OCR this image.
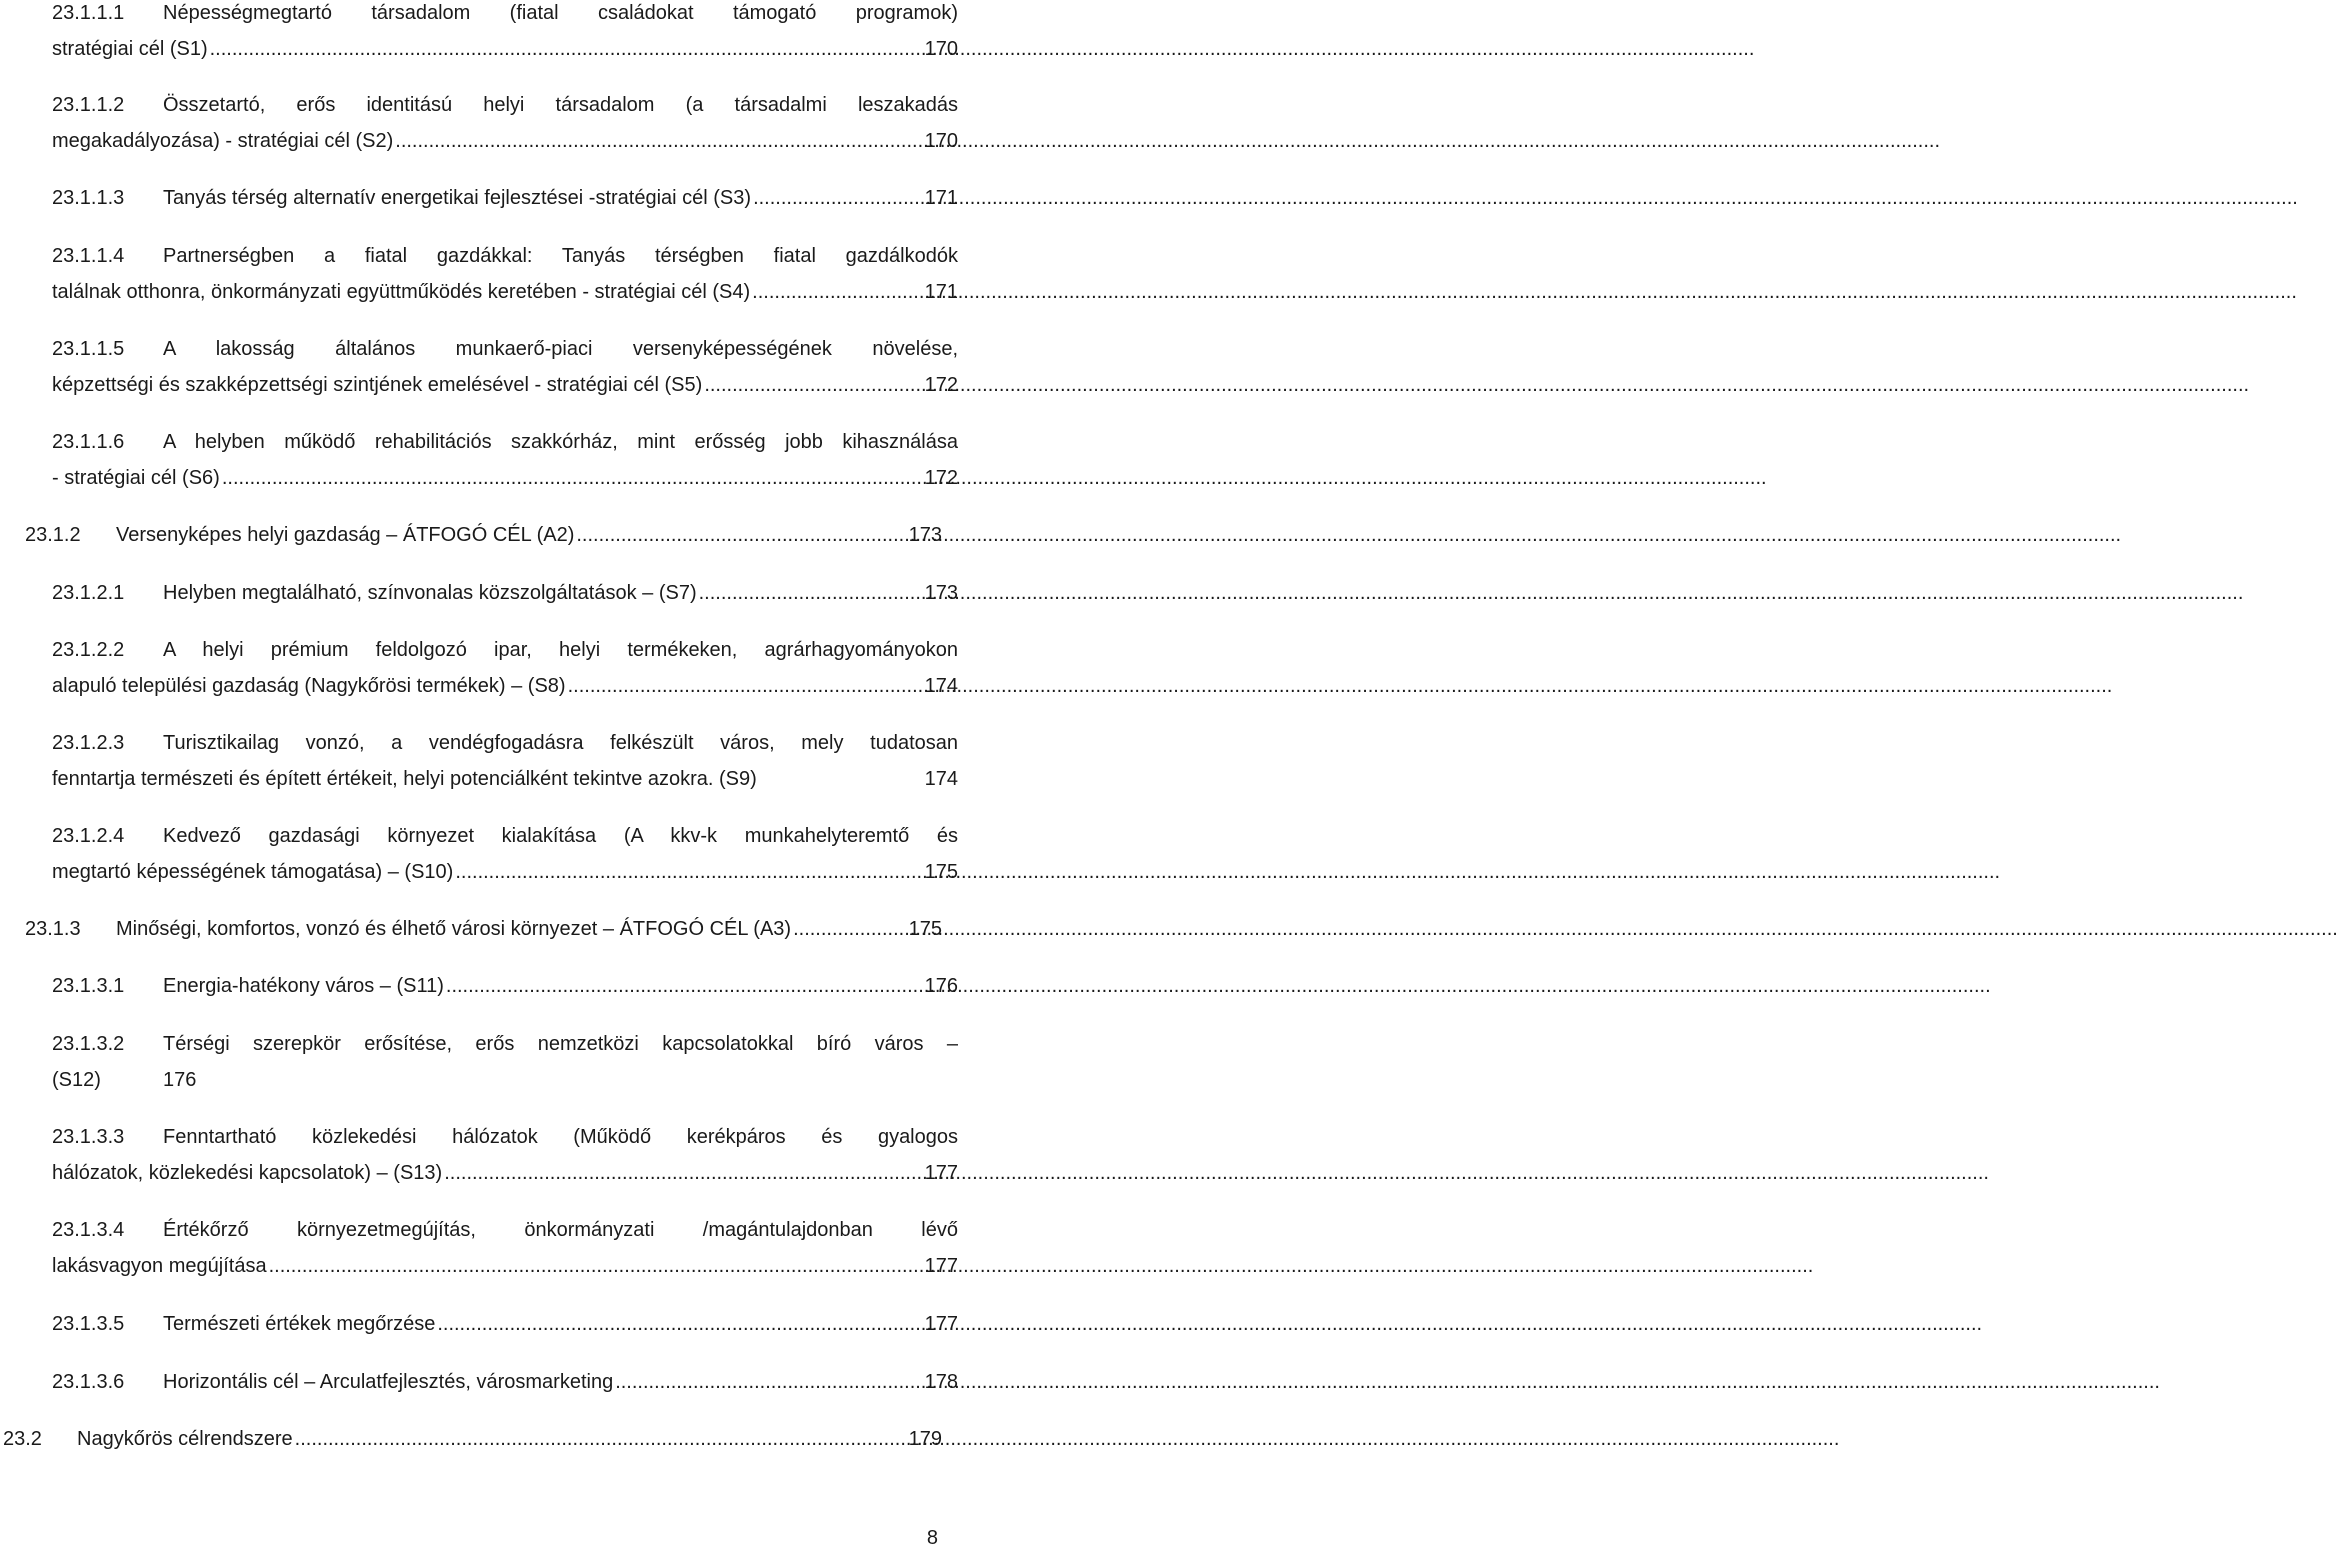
23.1.1.1 Népességmegtartó társadalom (fiatal családokat támogató programok)
stratégiai cél (S1) .....	170
23.1.1.2 Összetartó, erős identitású helyi társadalom (a társadalmi leszakadás
megakadályozása) - stratégiai cél (S2) .....	170
23.1.1.3	Tanyás térség alternatív energetikai fejlesztései -stratégiai cél (S3) .....	171
23.1.1.4 Partnerségben a fiatal gazdákkal: Tanyás térségben fiatal gazdálkodók
találnak otthonra, önkormányzati együttműködés keretében - stratégiai cél (S4) .....	171
23.1.1.5 A lakosság általános munkaerő-piaci versenyképességének növelése,
képzettségi és szakképzettségi szintjének emelésével - stratégiai cél (S5) .....	172
23.1.1.6 A helyben működő rehabilitációs szakkórház, mint erősség jobb kihasználása
- stratégiai cél (S6) .....	172
23.1.2	Versenyképes helyi gazdaság – ÁTFOGÓ CÉL (A2) .....	173
23.1.2.1	Helyben megtalálható, színvonalas közszolgáltatások – (S7) .....	173
23.1.2.2 A helyi prémium feldolgozó ipar, helyi termékeken, agrárhagyományokon
alapuló települési gazdaság (Nagykőrösi termékek) – (S8) .....	174
23.1.2.3 Turisztikailag vonzó, a vendégfogadásra felkészült város, mely tudatosan
fenntartja természeti és épített értékeit, helyi potenciálként tekintve azokra. (S9)	174
23.1.2.4 Kedvező gazdasági környezet kialakítása (A kkv-k munkahelyteremtő és
megtartó képességének támogatása) – (S10) .....	175
23.1.3	Minőségi, komfortos, vonzó és élhető városi környezet – ÁTFOGÓ CÉL (A3) .....	175
23.1.3.1	Energia-hatékony város – (S11) .....	176
23.1.3.2 Térségi szerepkör erősítése, erős nemzetközi kapcsolatokkal bíró város –
(S12)	176
23.1.3.3 Fenntartható közlekedési hálózatok (Működő kerékpáros és gyalogos
hálózatok, közlekedési kapcsolatok) – (S13) .....	177
23.1.3.4 Értékőrző környezetmegújítás, önkormányzati /magántulajdonban lévő
lakásvagyon megújítása .....	177
23.1.3.5	Természeti értékek megőrzése .....	177
23.1.3.6	Horizontális cél – Arculatfejlesztés, városmarketing .....	178
23.2	Nagykőrös célrendszere .....	179
8
